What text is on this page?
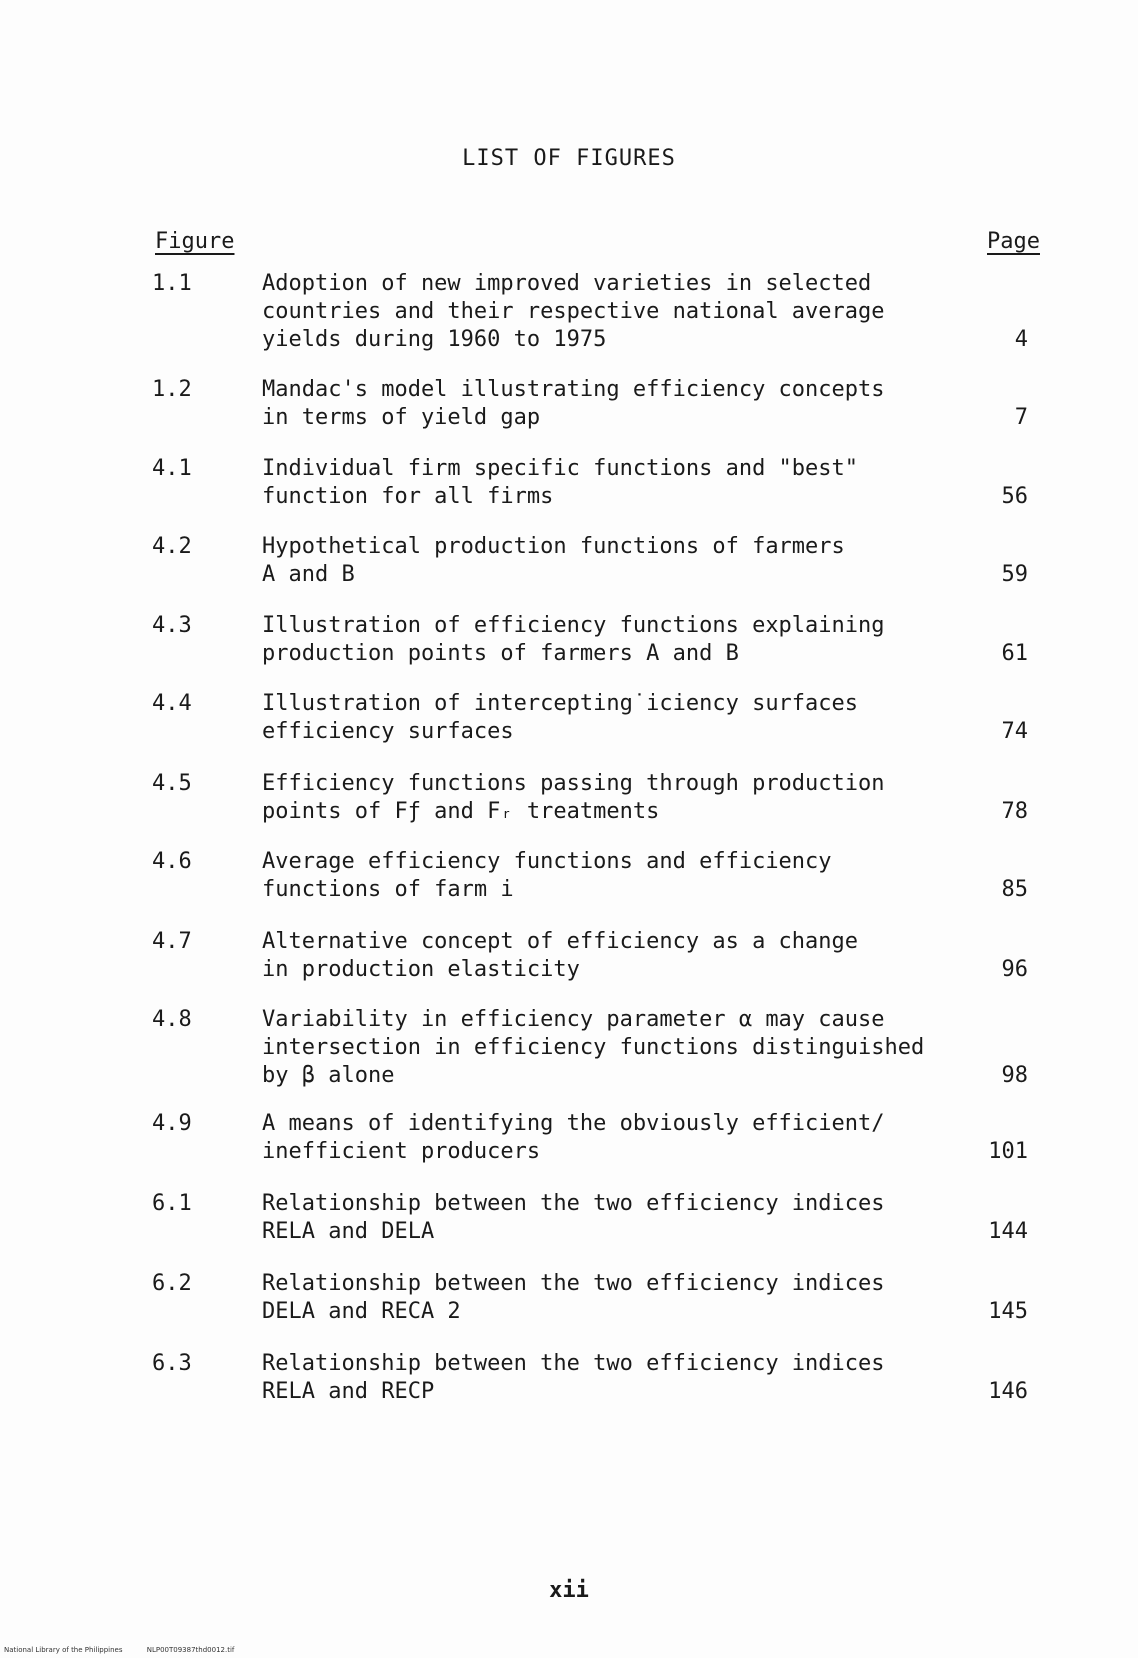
LIST OF FIGURES
Figure	Page
1.1	Adoption of new improved varieties in selected
countries and their respective national average
yields during 1960 to 1975	4
1.2	Mandac's model illustrating efficiency concepts
in terms of yield gap	7
4.1	Individual firm specific functions and "best"
function for all firms	56
4.2	Hypothetical production functions of farmers
A and B	59
4.3	Illustration of efficiency functions explaining
production points of farmers A and B	61
4.4	Illustration of intercepting˙iciency surfaces
efficiency surfaces	74
4.5	Efficiency functions passing through production
points of Fƒ and Fᵣ treatments	78
4.6	Average efficiency functions and efficiency
functions of farm i	85
4.7	Alternative concept of efficiency as a change
in production elasticity	96
4.8	Variability in efficiency parameter α may cause
intersection in efficiency functions distinguished
by β alone	98
4.9	A means of identifying the obviously efficient/
inefficient producers	101
6.1	Relationship between the two efficiency indices
RELA and DELA	144
6.2	Relationship between the two efficiency indices
DELA and RECA 2	145
6.3	Relationship between the two efficiency indices
RELA and RECP	146
xii
National Library of the Philippines	NLP00T09387thd0012.tif
